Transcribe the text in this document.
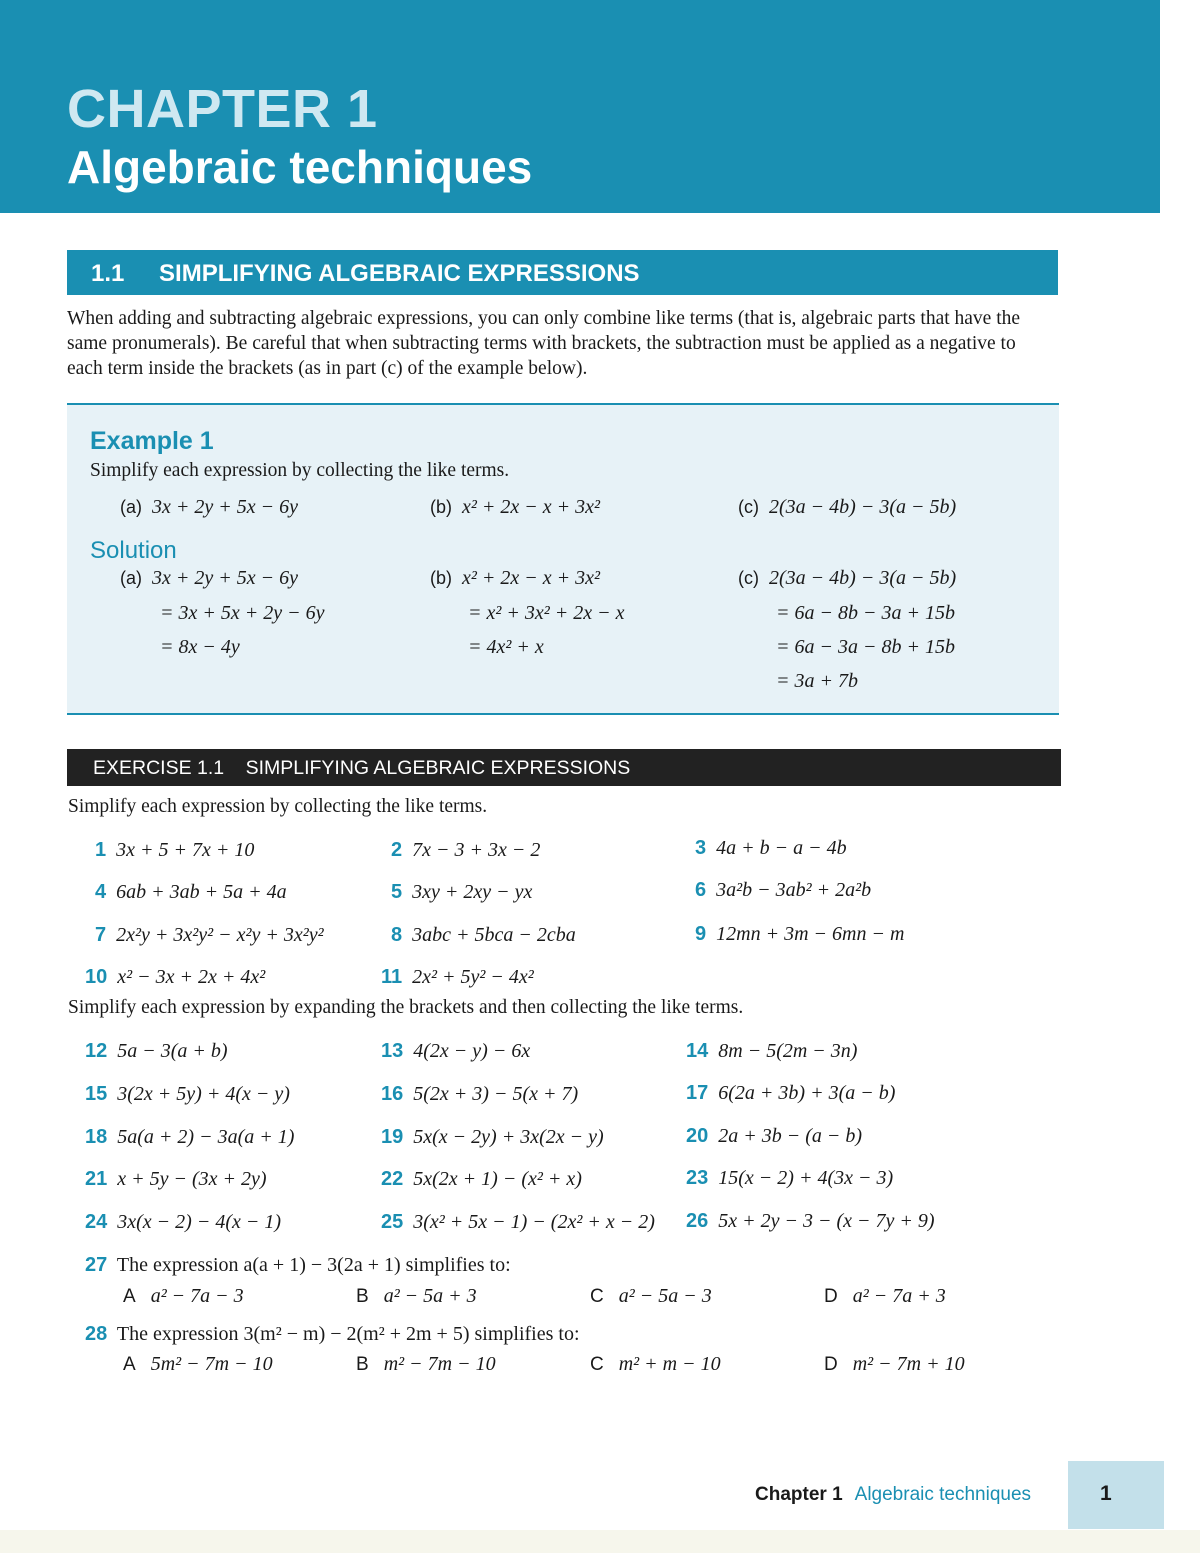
CHAPTER 1
Algebraic techniques
1.1 SIMPLIFYING ALGEBRAIC EXPRESSIONS
When adding and subtracting algebraic expressions, you can only combine like terms (that is, algebraic parts that have the same pronumerals). Be careful that when subtracting terms with brackets, the subtraction must be applied as a negative to each term inside the brackets (as in part (c) of the example below).
Example 1
Simplify each expression by collecting the like terms.
(a) 3x + 2y + 5x − 6y	(b) x² + 2x − x + 3x²	(c) 2(3a − 4b) − 3(a − 5b)
Solution
(a) 3x + 2y + 5x − 6y
= 3x + 5x + 2y − 6y
= 8x − 4y
(b) x² + 2x − x + 3x²
= x² + 3x² + 2x − x
= 4x² + x
(c) 2(3a − 4b) − 3(a − 5b)
= 6a − 8b − 3a + 15b
= 6a − 3a − 8b + 15b
= 3a + 7b
EXERCISE 1.1 SIMPLIFYING ALGEBRAIC EXPRESSIONS
Simplify each expression by collecting the like terms.
1 3x + 5 + 7x + 10	2 7x − 3 + 3x − 2	3 4a + b − a − 4b
4 6ab + 3ab + 5a + 4a	5 3xy + 2xy − yx	6 3a²b − 3ab² + 2a²b
7 2x²y + 3x²y² − x²y + 3x²y²	8 3abc + 5bca − 2cba	9 12mn + 3m − 6mn − m
10 x² − 3x + 2x + 4x²	11 2x² + 5y² − 4x²
Simplify each expression by expanding the brackets and then collecting the like terms.
12 5a − 3(a + b)	13 4(2x − y) − 6x	14 8m − 5(2m − 3n)
15 3(2x + 5y) + 4(x − y)	16 5(2x + 3) − 5(x + 7)	17 6(2a + 3b) + 3(a − b)
18 5a(a + 2) − 3a(a + 1)	19 5x(x − 2y) + 3x(2x − y)	20 2a + 3b − (a − b)
21 x + 5y − (3x + 2y)	22 5x(2x + 1) − (x² + x)	23 15(x − 2) + 4(3x − 3)
24 3x(x − 2) − 4(x − 1)	25 3(x² + 5x − 1) − (2x² + x − 2) 26 5x + 2y − 3 − (x − 7y + 9)
27 The expression a(a + 1) − 3(2a + 1) simplifies to:
A a² − 7a − 3	B a² − 5a + 3	C a² − 5a − 3	D a² − 7a + 3
28 The expression 3(m² − m) − 2(m² + 2m + 5) simplifies to:
A 5m² − 7m − 10	B m² − 7m − 10	C m² + m − 10	D m² − 7m + 10
Chapter 1 Algebraic techniques	1
